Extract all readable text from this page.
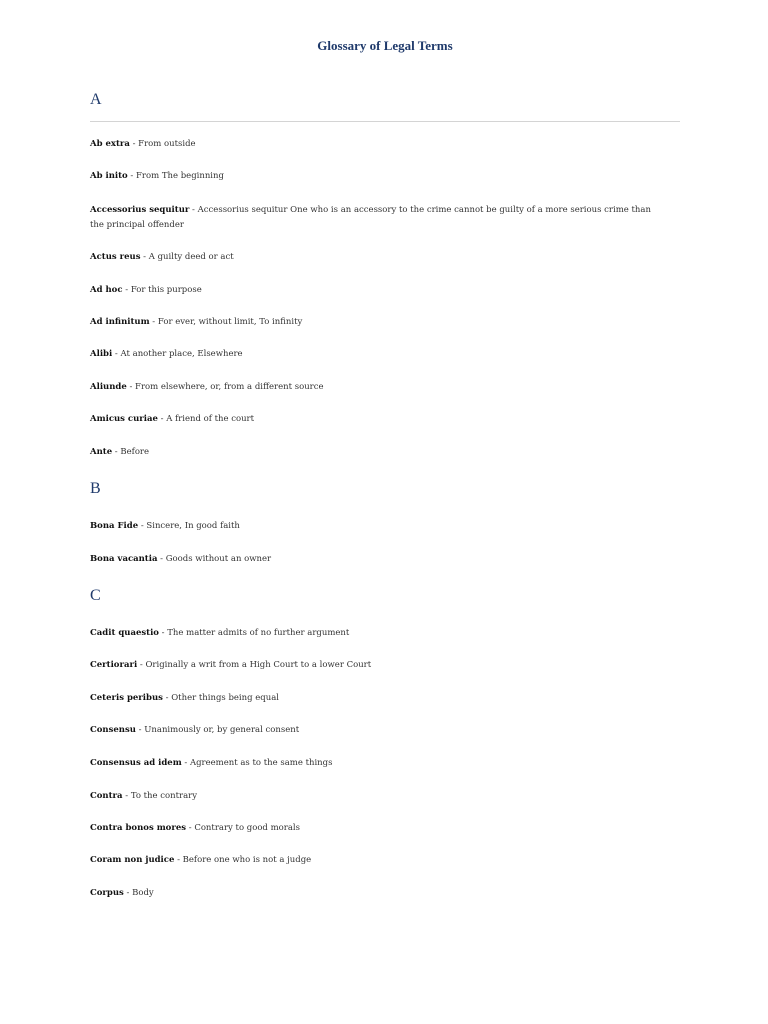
Glossary of Legal Terms
A

Ab extra - From outside

Ab inito - From The beginning

Accessorius sequitur - Accessorius sequitur One who is an accessory to the crime cannot be guilty of a more serious crime than the principal offender

Actus reus - A guilty deed or act

Ad hoc - For this purpose

Ad infinitum - For ever, without limit, To infinity

Alibi - At another place, Elsewhere

Aliunde - From elsewhere, or, from a different source

Amicus curiae - A friend of the court

Ante - Before

B

Bona Fide - Sincere, In good faith

Bona vacantia - Goods without an owner

C

Cadit quaestio - The matter admits of no further argument

Certiorari - Originally a writ from a High Court to a lower Court

Ceteris peribus - Other things being equal

Consensu - Unanimously or, by general consent

Consensus ad idem - Agreement as to the same things

Contra - To the contrary

Contra bonos mores - Contrary to good morals

Coram non judice - Before one who is not a judge

Corpus - Body
